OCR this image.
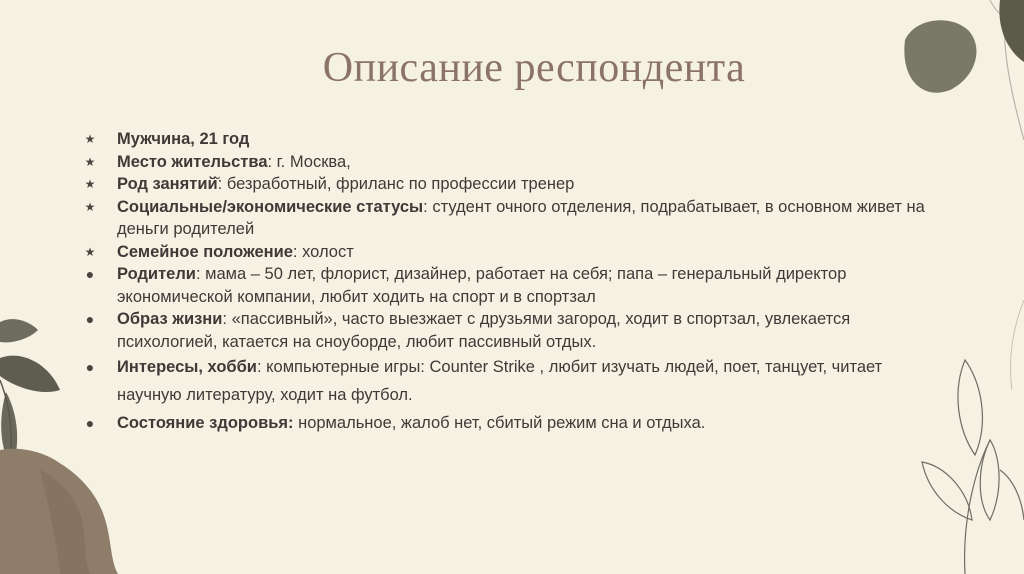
Описание респондента
★ Мужчина, 21 год
★ Место жительства: г. Москва,
★ Род занятий̆: безработный, фриланс по профессии тренер
★ Социальные/экономические статусы: студент очного отделения, подрабатывает, в основном живет на деньги родителей
★ Семейное положение: холост
● Родители: мама – 50 лет, флорист, дизайнер, работает на себя; папа – генеральный директор экономической компании, любит ходить на спорт и в спортзал
● Образ жизни: «пассивный», часто выезжает с друзьями загород, ходит в спортзал, увлекается психологией, катается на сноуборде, любит пассивный отдых.
● Интересы, хобби: компьютерные игры: Counter Strike , любит изучать людей, поет, танцует, читает научную литературу, ходит на футбол.
● Состояние здоровья: нормальное, жалоб нет, сбитый режим сна и отдыха.
